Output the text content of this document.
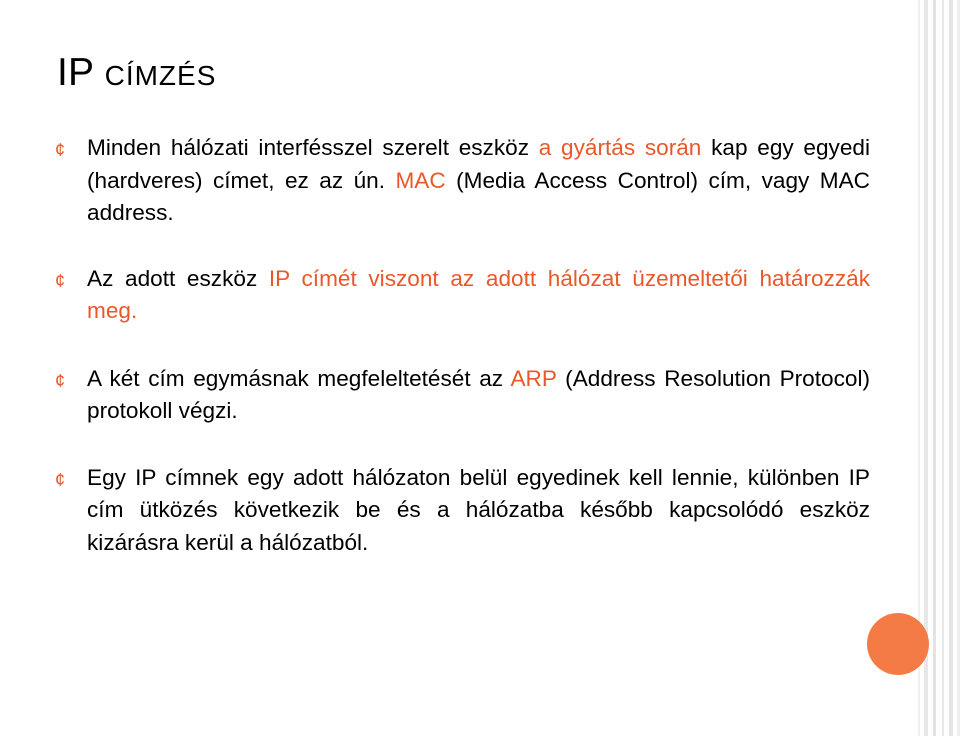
IP CÍMZÉS
¢ Minden hálózati interfésszel szerelt eszköz a gyártás során kap egy egyedi (hardveres) címet, ez az ún. MAC (Media Access Control) cím, vagy MAC address.
¢ Az adott eszköz IP címét viszont az adott hálózat üzemeltetői határozzák meg.
¢ A két cím egymásnak megfeleltetését az ARP (Address Resolution Protocol) protokoll végzi.
¢ Egy IP címnek egy adott hálózaton belül egyedinek kell lennie, különben IP cím ütközés következik be és a hálózatba később kapcsolódó eszköz kizárásra kerül a hálózatból.
